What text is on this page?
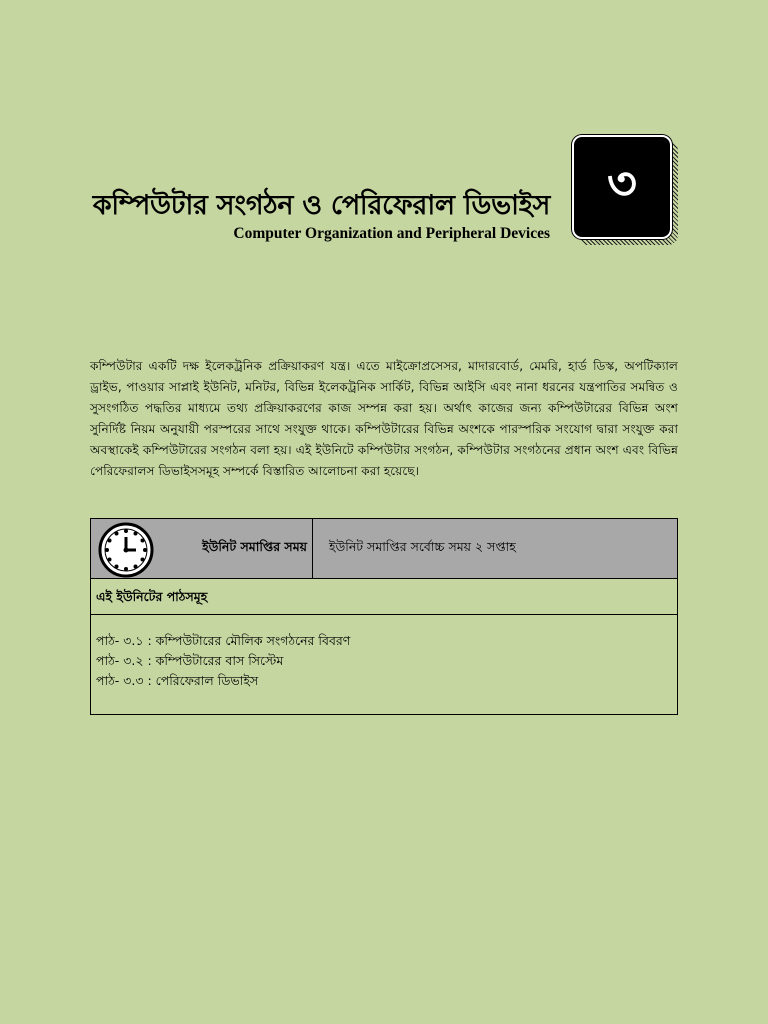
কম্পিউটার সংগঠন ও পেরিফেরাল ডিভাইস
Computer Organization and Peripheral Devices
৩
কম্পিউটার একটি দক্ষ ইলেকট্রনিক প্রক্রিয়াকরণ যন্ত্র। এতে মাইক্রোপ্রসেসর, মাদারবোর্ড, মেমরি, হার্ড ডিস্ক, অপটিক্যাল ড্রাইভ, পাওয়ার সাপ্লাই ইউনিট, মনিটর, বিভিন্ন ইলেকট্রনিক সার্কিট, বিভিন্ন আইসি এবং নানা ধরনের যন্ত্রপাতির সমন্বিত ও সুসংগঠিত পদ্ধতির মাধ্যমে তথ্য প্রক্রিয়াকরণের কাজ সম্পন্ন করা হয়। অর্থাৎ কাজের জন্য কম্পিউটারের বিভিন্ন অংশ সুনির্দিষ্ট নিয়ম অনুযায়ী পরস্পরের সাথে সংযুক্ত থাকে। কম্পিউটারের বিভিন্ন অংশকে পারস্পরিক সংযোগ দ্বারা সংযুক্ত করা অবস্থাকেই কম্পিউটারের সংগঠন বলা হয়। এই ইউনিটে কম্পিউটার সংগঠন, কম্পিউটার সংগঠনের প্রধান অংশ এবং বিভিন্ন পেরিফেরালস ডিভাইসসমূহ সম্পর্কে বিস্তারিত আলোচনা করা হয়েছে।
ইউনিট সমাপ্তির সময় ইউনিট সমাপ্তির সর্বোচ্চ সময় ২ সপ্তাহ
এই ইউনিটের পাঠসমূহ
পাঠ- ৩.১ : কম্পিউটারের মৌলিক সংগঠনের বিবরণ
পাঠ- ৩.২ : কম্পিউটারের বাস সিস্টেম
পাঠ- ৩.৩ : পেরিফেরাল ডিভাইস
